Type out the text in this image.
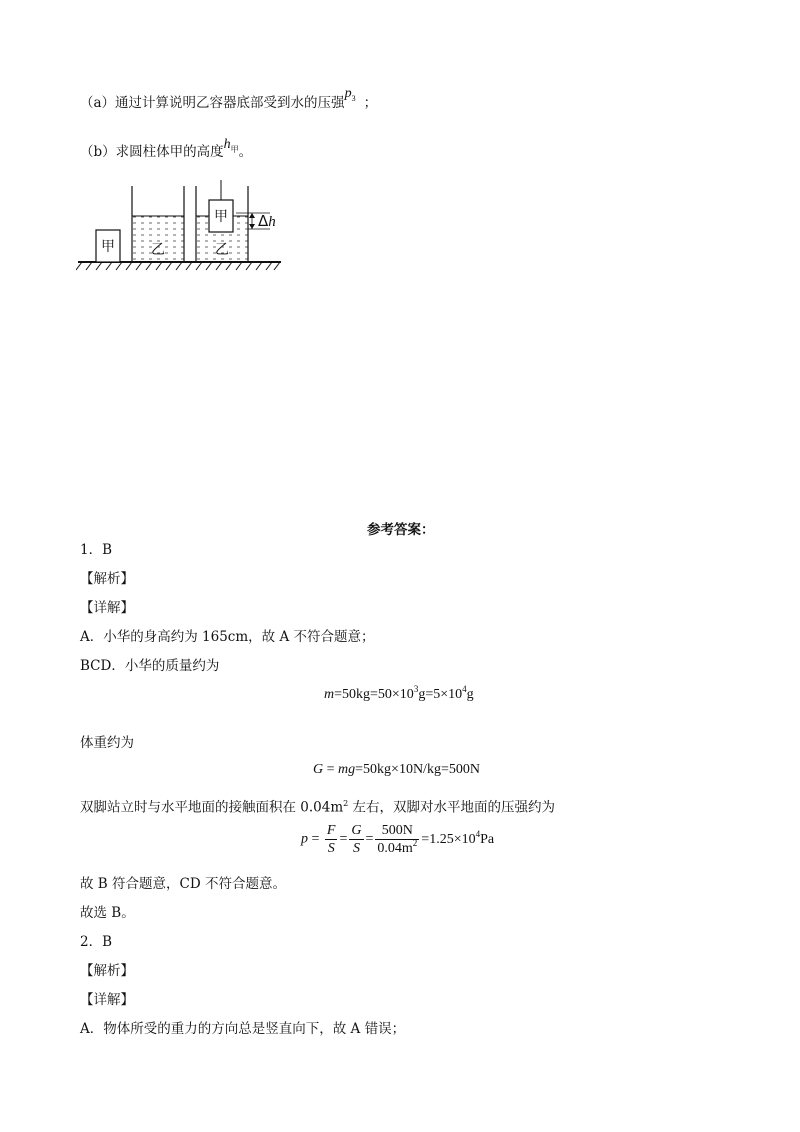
（a）通过计算说明乙容器底部受到水的压强$p_3$ ；
（b）求圆柱体甲的高度$h_甲$。
甲	乙
甲
乙
Δh
参考答案：
1．B
【解析】
【详解】
A．小华的身高约为 165cm，故 A 不符合题意；
BCD．小华的质量约为
$m=50kg=50\times 10^3g=5\times 10^4g$
体重约为
G = mg=50kg×10N/kg=500N
双脚站立时与水平地面的接触面积在 $0.04m^2$ 左右，双脚对水平地面的压强约为
$p = \frac{F}{S} = \frac{G}{S} = \frac{500N}{0.04m^2} =1.25\times 10^4Pa$
故 B 符合题意，CD 不符合题意。
故选 B。
2．B
【解析】
【详解】
A．物体所受的重力的方向总是竖直向下，故 A 错误；
